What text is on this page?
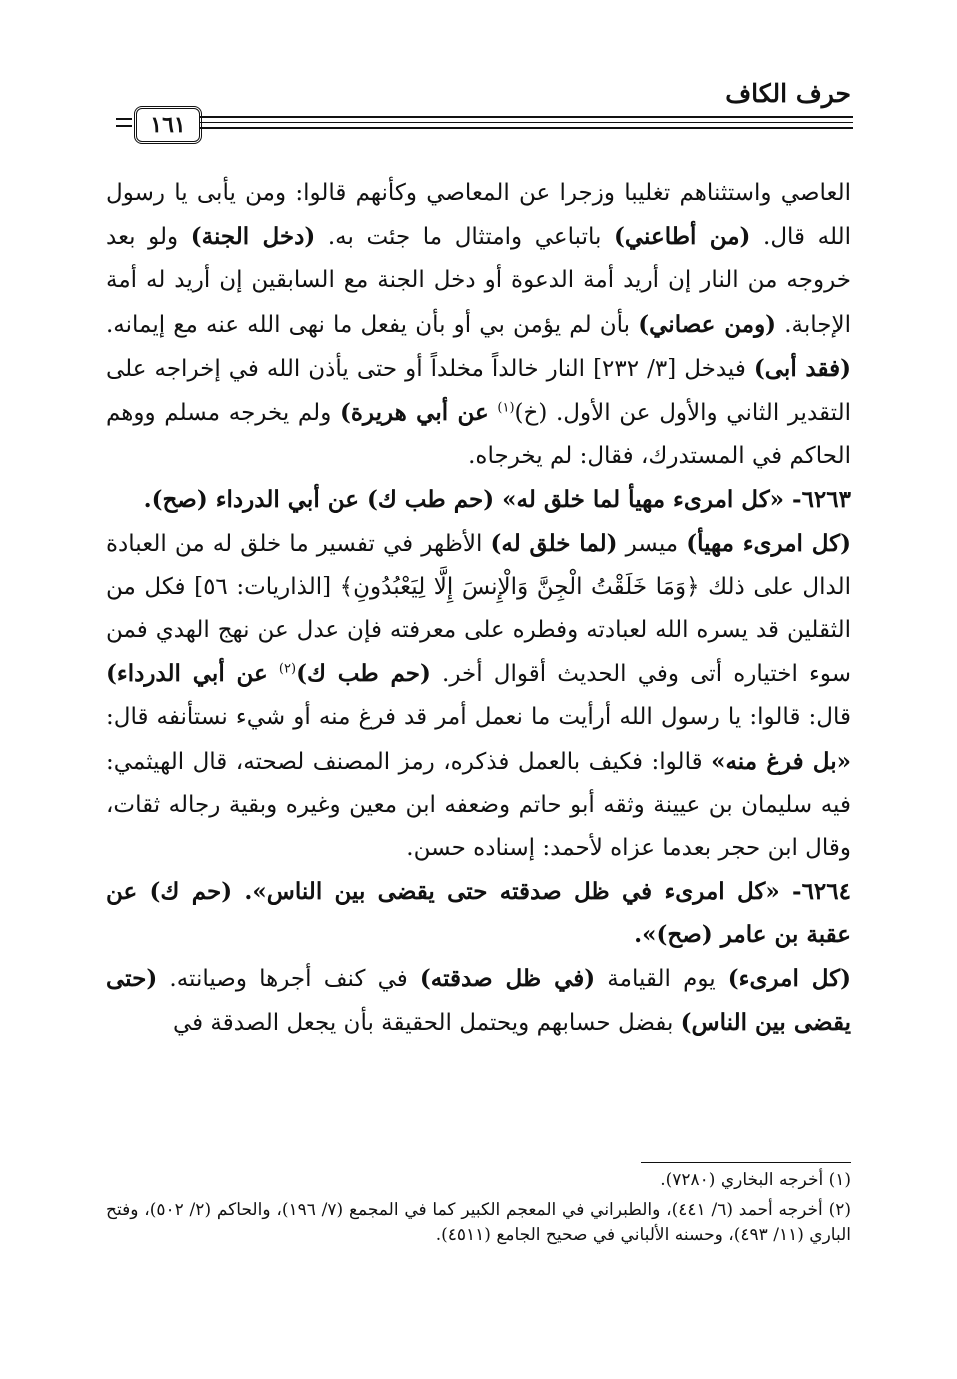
حرف الكاف
١٦١

العاصي واستثناهم تغليبا وزجرا عن المعاصي وكأنهم قالوا: ومن يأبى يا رسول الله قال. (من أطاعني) باتباعي وامتثال ما جئت به. (دخل الجنة) ولو بعد خروجه من النار إن أريد أمة الدعوة أو دخل الجنة مع السابقين إن أريد له أمة الإجابة. (ومن عصاني) بأن لم يؤمن بي أو بأن يفعل ما نهى الله عنه مع إيمانه. (فقد أبى) فيدخل [٣/ ٢٣٢] النار خالداً مخلداً أو حتى يأذن الله في إخراجه على التقدير الثاني والأول عن الأول. (خ)$^{(١)}$ عن أبي هريرة) ولم يخرجه مسلم ووهم الحاكم في المستدرك، فقال: لم يخرجاه.

٦٢٦٣- «كل امرىء مهيأ لما خلق له» (حم طب ك) عن أبي الدرداء (صح).

(كل امرىء مهيأ) ميسر (لما خلق له) الأظهر في تفسير ما خلق له من العبادة الدال على ذلك ﴿وَمَا خَلَقْتُ الْجِنَّ وَالْإِنسَ إِلَّا لِيَعْبُدُونِ﴾ [الذاريات: ٥٦] فكل من الثقلين قد يسره الله لعبادته وفطره على معرفته فإن عدل عن نهج الهدي فمن سوء اختياره أتى وفي الحديث أقوال أخر. (حم طب ك)$^{(٢)}$ عن أبي الدرداء) قال: قالوا: يا رسول الله أرأيت ما نعمل أمر قد فرغ منه أو شيء نستأنفه قال: «بل فرغ منه» قالوا: فكيف بالعمل فذكره، رمز المصنف لصحته، قال الهيثمي: فيه سليمان بن عيينة وثقه أبو حاتم وضعفه ابن معين وغيره وبقية رجاله ثقات، وقال ابن حجر بعدما عزاه لأحمد: إسناده حسن.

٦٢٦٤- «كل امرىء في ظل صدقته حتى يقضى بين الناس». (حم ك) عن عقبة بن عامر (صح)».

(كل امرىء) يوم القيامة (في ظل صدقته) في كنف أجرها وصيانته. (حتى يقضى بين الناس) بفضل حسابهم ويحتمل الحقيقة بأن يجعل الصدقة في

(١) أخرجه البخاري (٧٢٨٠).

(٢) أخرجه أحمد (٦/ ٤٤١)، والطبراني في المعجم الكبير كما في المجمع (٧/ ١٩٦)، والحاكم (٢/ ٥٠٢)، وفتح الباري (١١/ ٤٩٣)، وحسنه الألباني في صحيح الجامع (٤٥١١).
